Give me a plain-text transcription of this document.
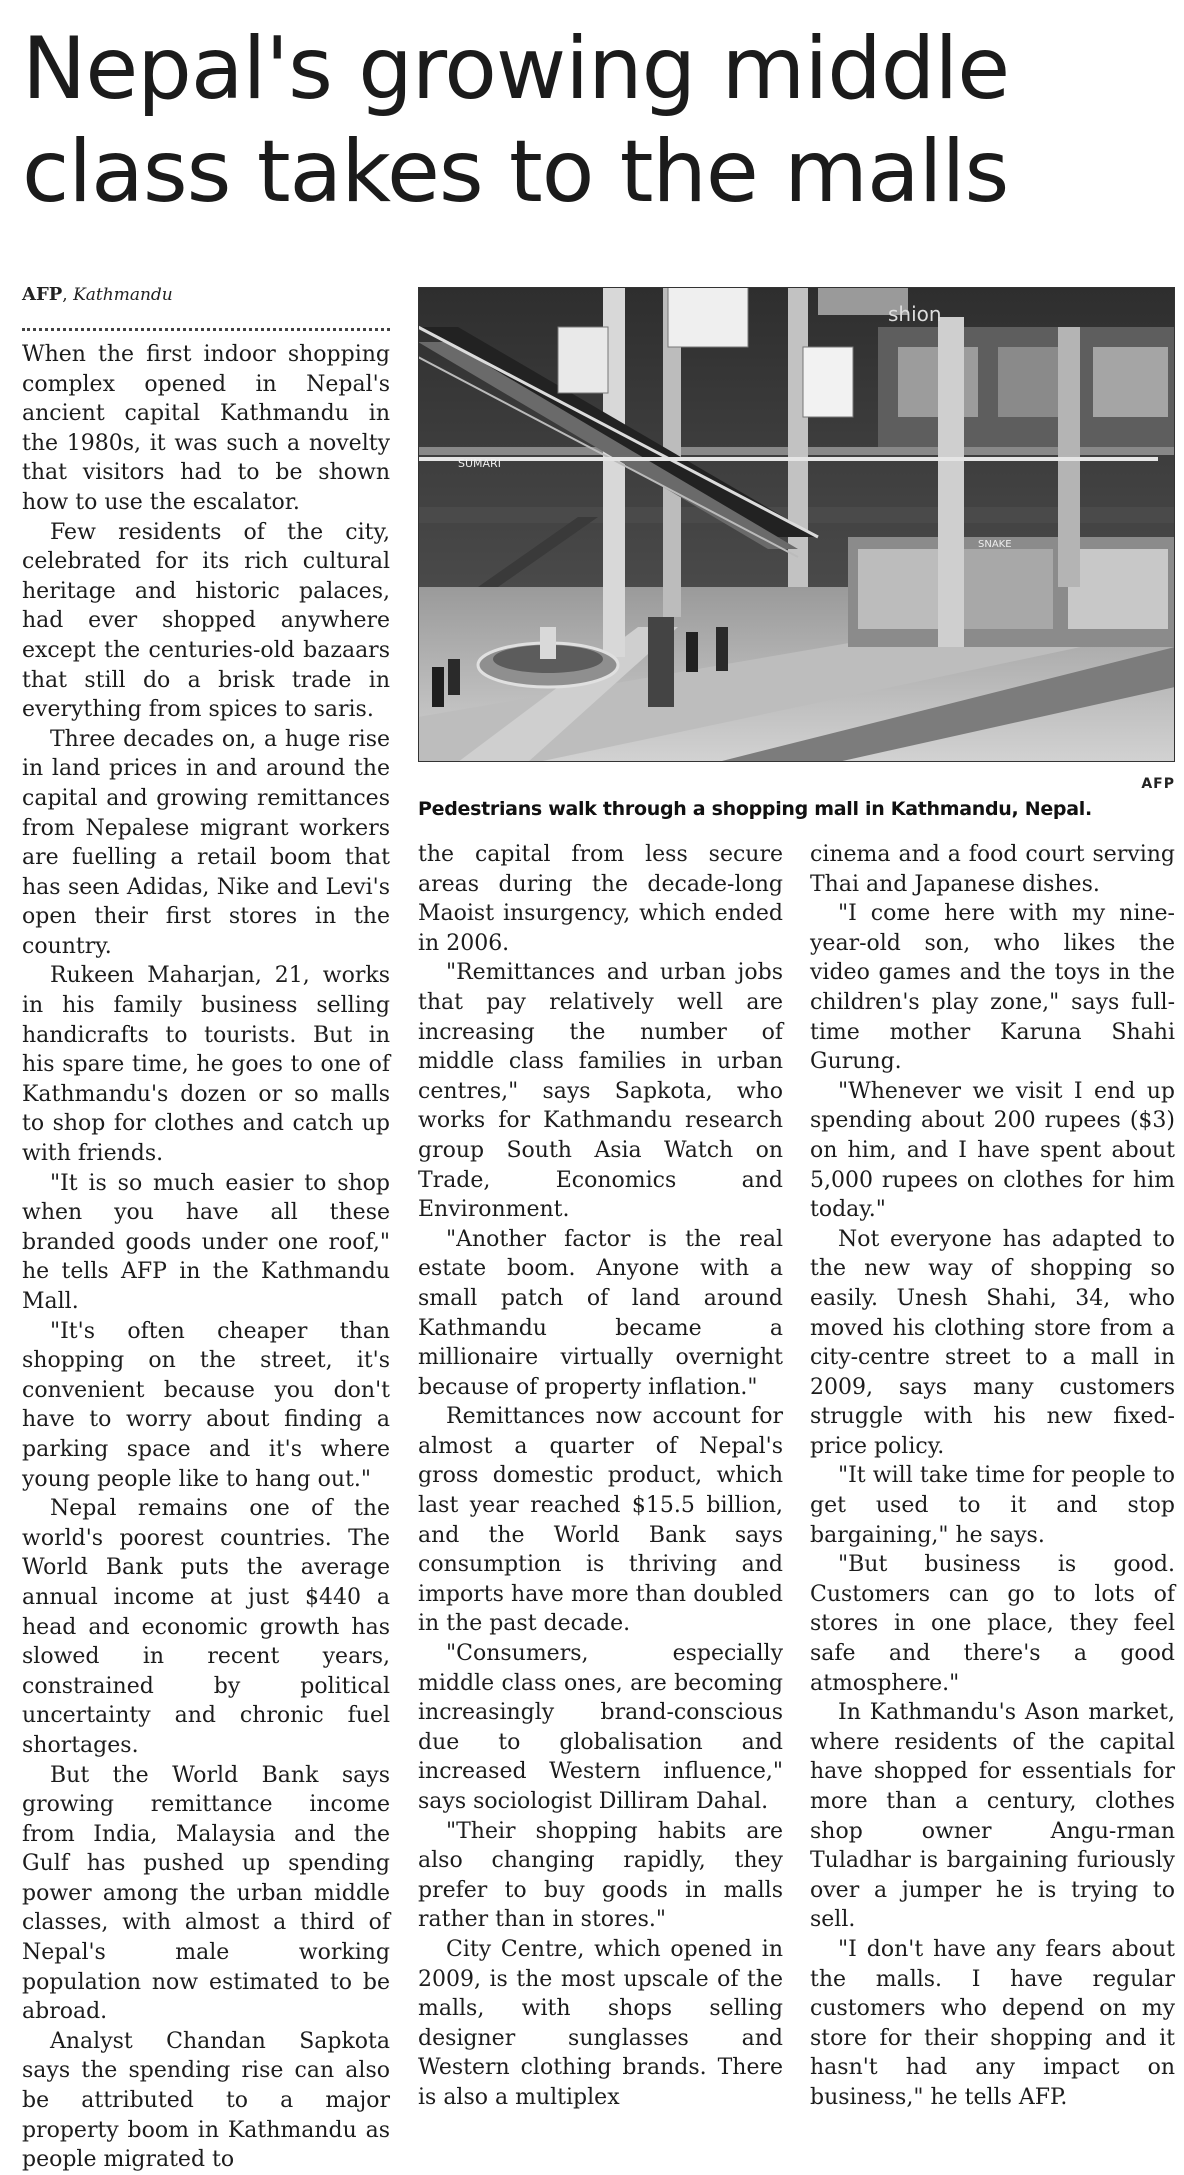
Nepal's growing middle class takes to the malls
AFP, Kathmandu
SUMARI
shion
SNAKE
AFP
Pedestrians walk through a shopping mall in Kathmandu, Nepal.

When the first indoor shopping complex opened in Nepal's ancient capital Kathmandu in the 1980s, it was such a novelty that visitors had to be shown how to use the escalator.

Few residents of the city, celebrated for its rich cultural heritage and historic palaces, had ever shopped anywhere except the centuries-old bazaars that still do a brisk trade in everything from spices to saris.

Three decades on, a huge rise in land prices in and around the capital and growing remittances from Nepalese migrant workers are fuelling a retail boom that has seen Adidas, Nike and Levi's open their first stores in the country.

Rukeen Maharjan, 21, works in his family business selling handicrafts to tourists. But in his spare time, he goes to one of Kathmandu's dozen or so malls to shop for clothes and catch up with friends.

"It is so much easier to shop when you have all these branded goods under one roof," he tells AFP in the Kathmandu Mall.

"It's often cheaper than shopping on the street, it's convenient because you don't have to worry about finding a parking space and it's where young people like to hang out."

Nepal remains one of the world's poorest countries. The World Bank puts the average annual income at just $440 a head and economic growth has slowed in recent years, constrained by political uncertainty and chronic fuel shortages.

But the World Bank says growing remittance income from India, Malaysia and the Gulf has pushed up spending power among the urban middle classes, with almost a third of Nepal's male working population now estimated to be abroad.

Analyst Chandan Sapkota says the spending rise can also be attributed to a major property boom in Kathmandu as people migrated to

the capital from less secure areas during the decade-long Maoist insurgency, which ended in 2006.

"Remittances and urban jobs that pay relatively well are increasing the number of middle class families in urban centres," says Sapkota, who works for Kathmandu research group South Asia Watch on Trade, Economics and Environment.

"Another factor is the real estate boom. Anyone with a small patch of land around Kathmandu became a millionaire virtually overnight because of property inflation."

Remittances now account for almost a quarter of Nepal's gross domestic product, which last year reached $15.5 billion, and the World Bank says consumption is thriving and imports have more than doubled in the past decade.

"Consumers, especially middle class ones, are becoming increasingly brand-conscious due to globalisation and increased Western influence," says sociologist Dilliram Dahal.

"Their shopping habits are also changing rapidly, they prefer to buy goods in malls rather than in stores."

City Centre, which opened in 2009, is the most upscale of the malls, with shops selling designer sunglasses and Western clothing brands. There is also a multiplex

cinema and a food court serving Thai and Japanese dishes.

"I come here with my nine-year-old son, who likes the video games and the toys in the children's play zone," says full-time mother Karuna Shahi Gurung.

"Whenever we visit I end up spending about 200 rupees ($3) on him, and I have spent about 5,000 rupees on clothes for him today."

Not everyone has adapted to the new way of shopping so easily. Unesh Shahi, 34, who moved his clothing store from a city-centre street to a mall in 2009, says many customers struggle with his new fixed-price policy.

"It will take time for people to get used to it and stop bargaining," he says.

"But business is good. Customers can go to lots of stores in one place, they feel safe and there's a good atmosphere."

In Kathmandu's Ason market, where residents of the capital have shopped for essentials for more than a century, clothes shop owner Angu-rman Tuladhar is bargaining furiously over a jumper he is trying to sell.

"I don't have any fears about the malls. I have regular customers who depend on my store for their shopping and it hasn't had any impact on business," he tells AFP.
